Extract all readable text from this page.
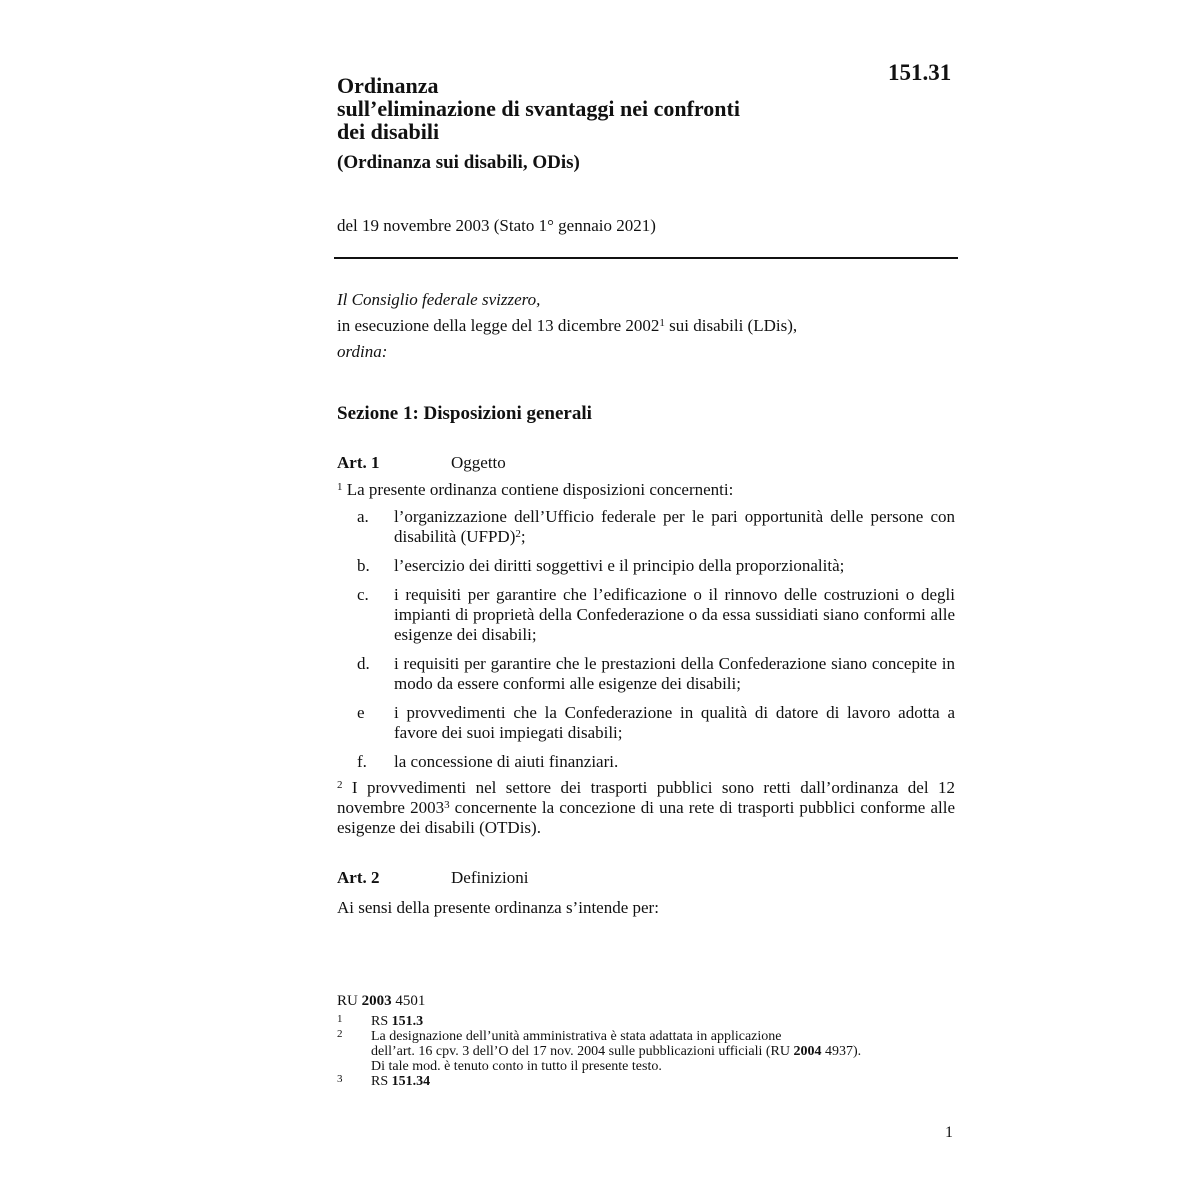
151.31
Ordinanza
sull’eliminazione di svantaggi nei confronti
dei disabili
(Ordinanza sui disabili, ODis)
del 19 novembre 2003 (Stato 1° gennaio 2021)
Il Consiglio federale svizzero,
in esecuzione della legge del 13 dicembre 2002$^1$ sui disabili (LDis),
ordina:
Sezione 1: Disposizioni generali
Art. 1	Oggetto

$^1$ La presente ordinanza contiene disposizioni concernenti:

a. l’organizzazione dell’Ufficio federale per le pari opportunità delle persone con disabilità (UFPD)$^2$;
b. l’esercizio dei diritti soggettivi e il principio della proporzionalità;
c. i requisiti per garantire che l’edificazione o il rinnovo delle costruzioni o degli impianti di proprietà della Confederazione o da essa sussidiati siano conformi alle esigenze dei disabili;
d. i requisiti per garantire che le prestazioni della Confederazione siano concepite in modo da essere conformi alle esigenze dei disabili;
e i provvedimenti che la Confederazione in qualità di datore di lavoro adotta a favore dei suoi impiegati disabili;
f. la concessione di aiuti finanziari.
$^2$ I provvedimenti nel settore dei trasporti pubblici sono retti dall’ordinanza del 12 novembre 2003$^3$ concernente la concezione di una rete di trasporti pubblici conforme alle esigenze dei disabili (OTDis).
Art. 2	Definizioni
Ai sensi della presente ordinanza s’intende per:
RU 2003 4501
1 RS 151.3
2 La designazione dell’unità amministrativa è stata adattata in applicazione
dell’art. 16 cpv. 3 dell’O del 17 nov. 2004 sulle pubblicazioni ufficiali (RU 2004 4937).
Di tale mod. è tenuto conto in tutto il presente testo.
3 RS 151.34
1
